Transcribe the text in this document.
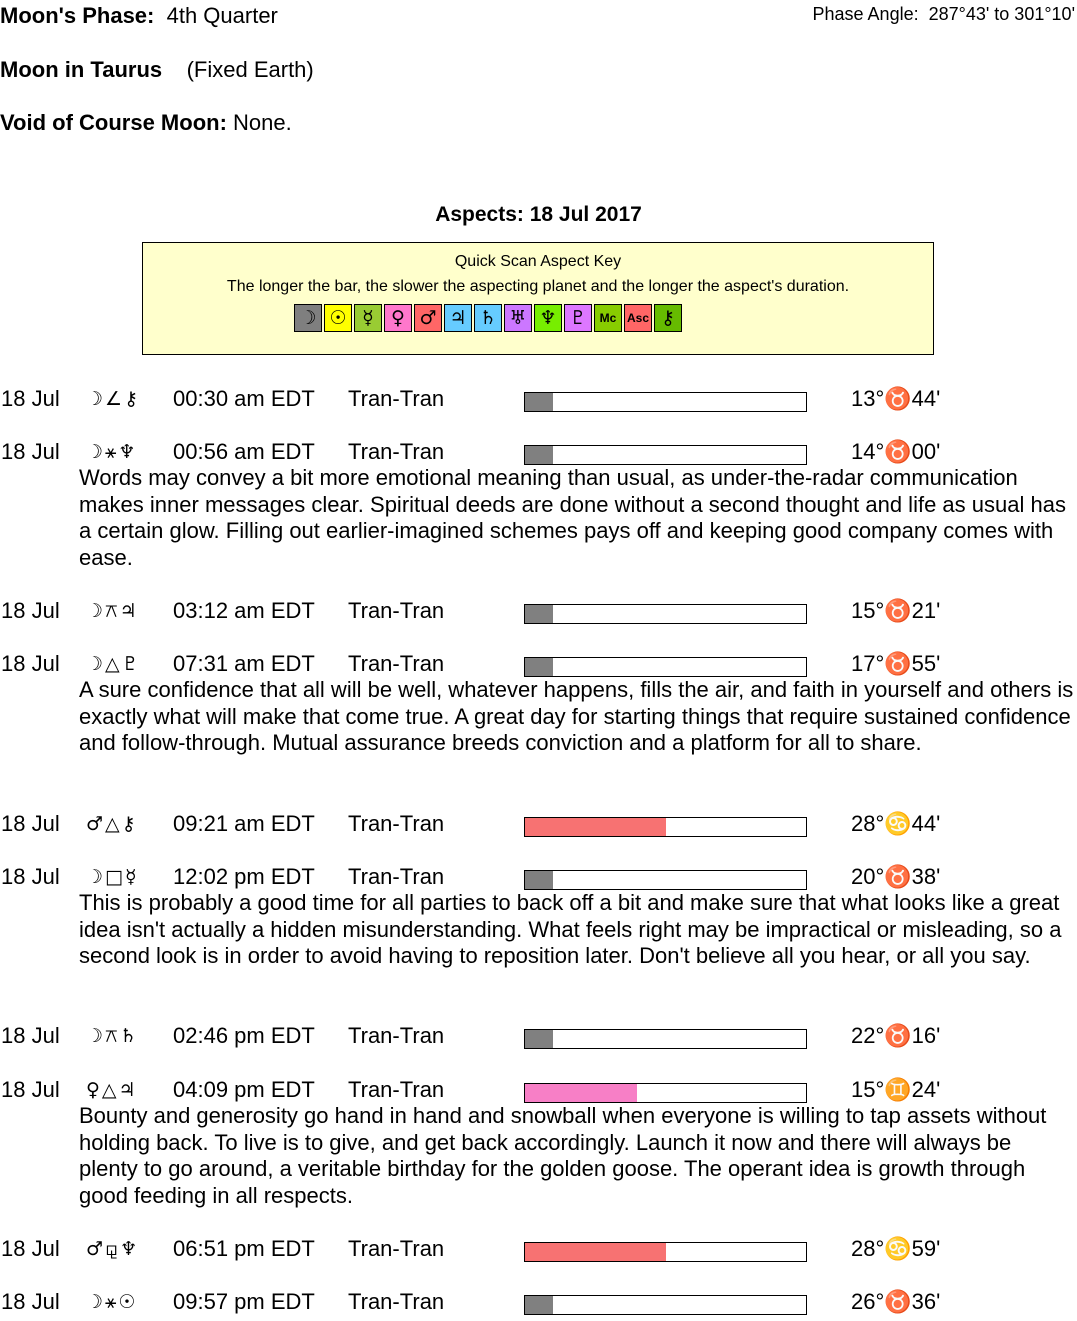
Moon's Phase: 4th Quarter	Phase Angle: 287°43' to 301°10'
Moon in Taurus (Fixed Earth)
Void of Course Moon: None.
Aspects: 18 Jul 2017
Quick Scan Aspect Key
The longer the bar, the slower the aspecting planet and the longer the aspect's duration.
☽ ☉ ☿ ♀ ♂ ♃ ♄ ♅ ♆ ♇	Mc Asc ⚷
18 Jul ☽∠⚷ 00:30 am EDT Tran-Tran	13°♉44'
18 Jul ☽⚹♆ 00:56 am EDT Tran-Tran	14°♉00'
Words may convey a bit more emotional meaning than usual, as under-the-radar communication makes inner messages clear. Spiritual deeds are done without a second thought and life as usual has a certain glow. Filling out earlier-imagined schemes pays off and keeping good company comes with ease.
18 Jul ☽⚻♃ 03:12 am EDT Tran-Tran	15°♉21'
18 Jul ☽△♇ 07:31 am EDT Tran-Tran	17°♉55'
A sure confidence that all will be well, whatever happens, fills the air, and faith in yourself and others is exactly what will make that come true. A great day for starting things that require sustained confidence and follow-through. Mutual assurance breeds conviction and a platform for all to share.
18 Jul ♂△⚷ 09:21 am EDT Tran-Tran	28°♋44'
18 Jul ☽□☿ 12:02 pm EDT Tran-Tran	20°♉38'
This is probably a good time for all parties to back off a bit and make sure that what looks like a great idea isn't actually a hidden misunderstanding. What feels right may be impractical or misleading, so a second look is in order to avoid having to reposition later. Don't believe all you hear, or all you say.
18 Jul ☽⚻♄ 02:46 pm EDT Tran-Tran	22°♉16'
18 Jul ♀△♃ 04:09 pm EDT Tran-Tran	15°♊24'
Bounty and generosity go hand in hand and snowball when everyone is willing to tap assets without holding back. To live is to give, and get back accordingly. Launch it now and there will always be plenty to go around, a veritable birthday for the golden goose. The operant idea is growth through good feeding in all respects.
18 Jul ♂⚼♆ 06:51 pm EDT Tran-Tran	28°♋59'
18 Jul ☽⚹☉ 09:57 pm EDT Tran-Tran	26°♉36'
